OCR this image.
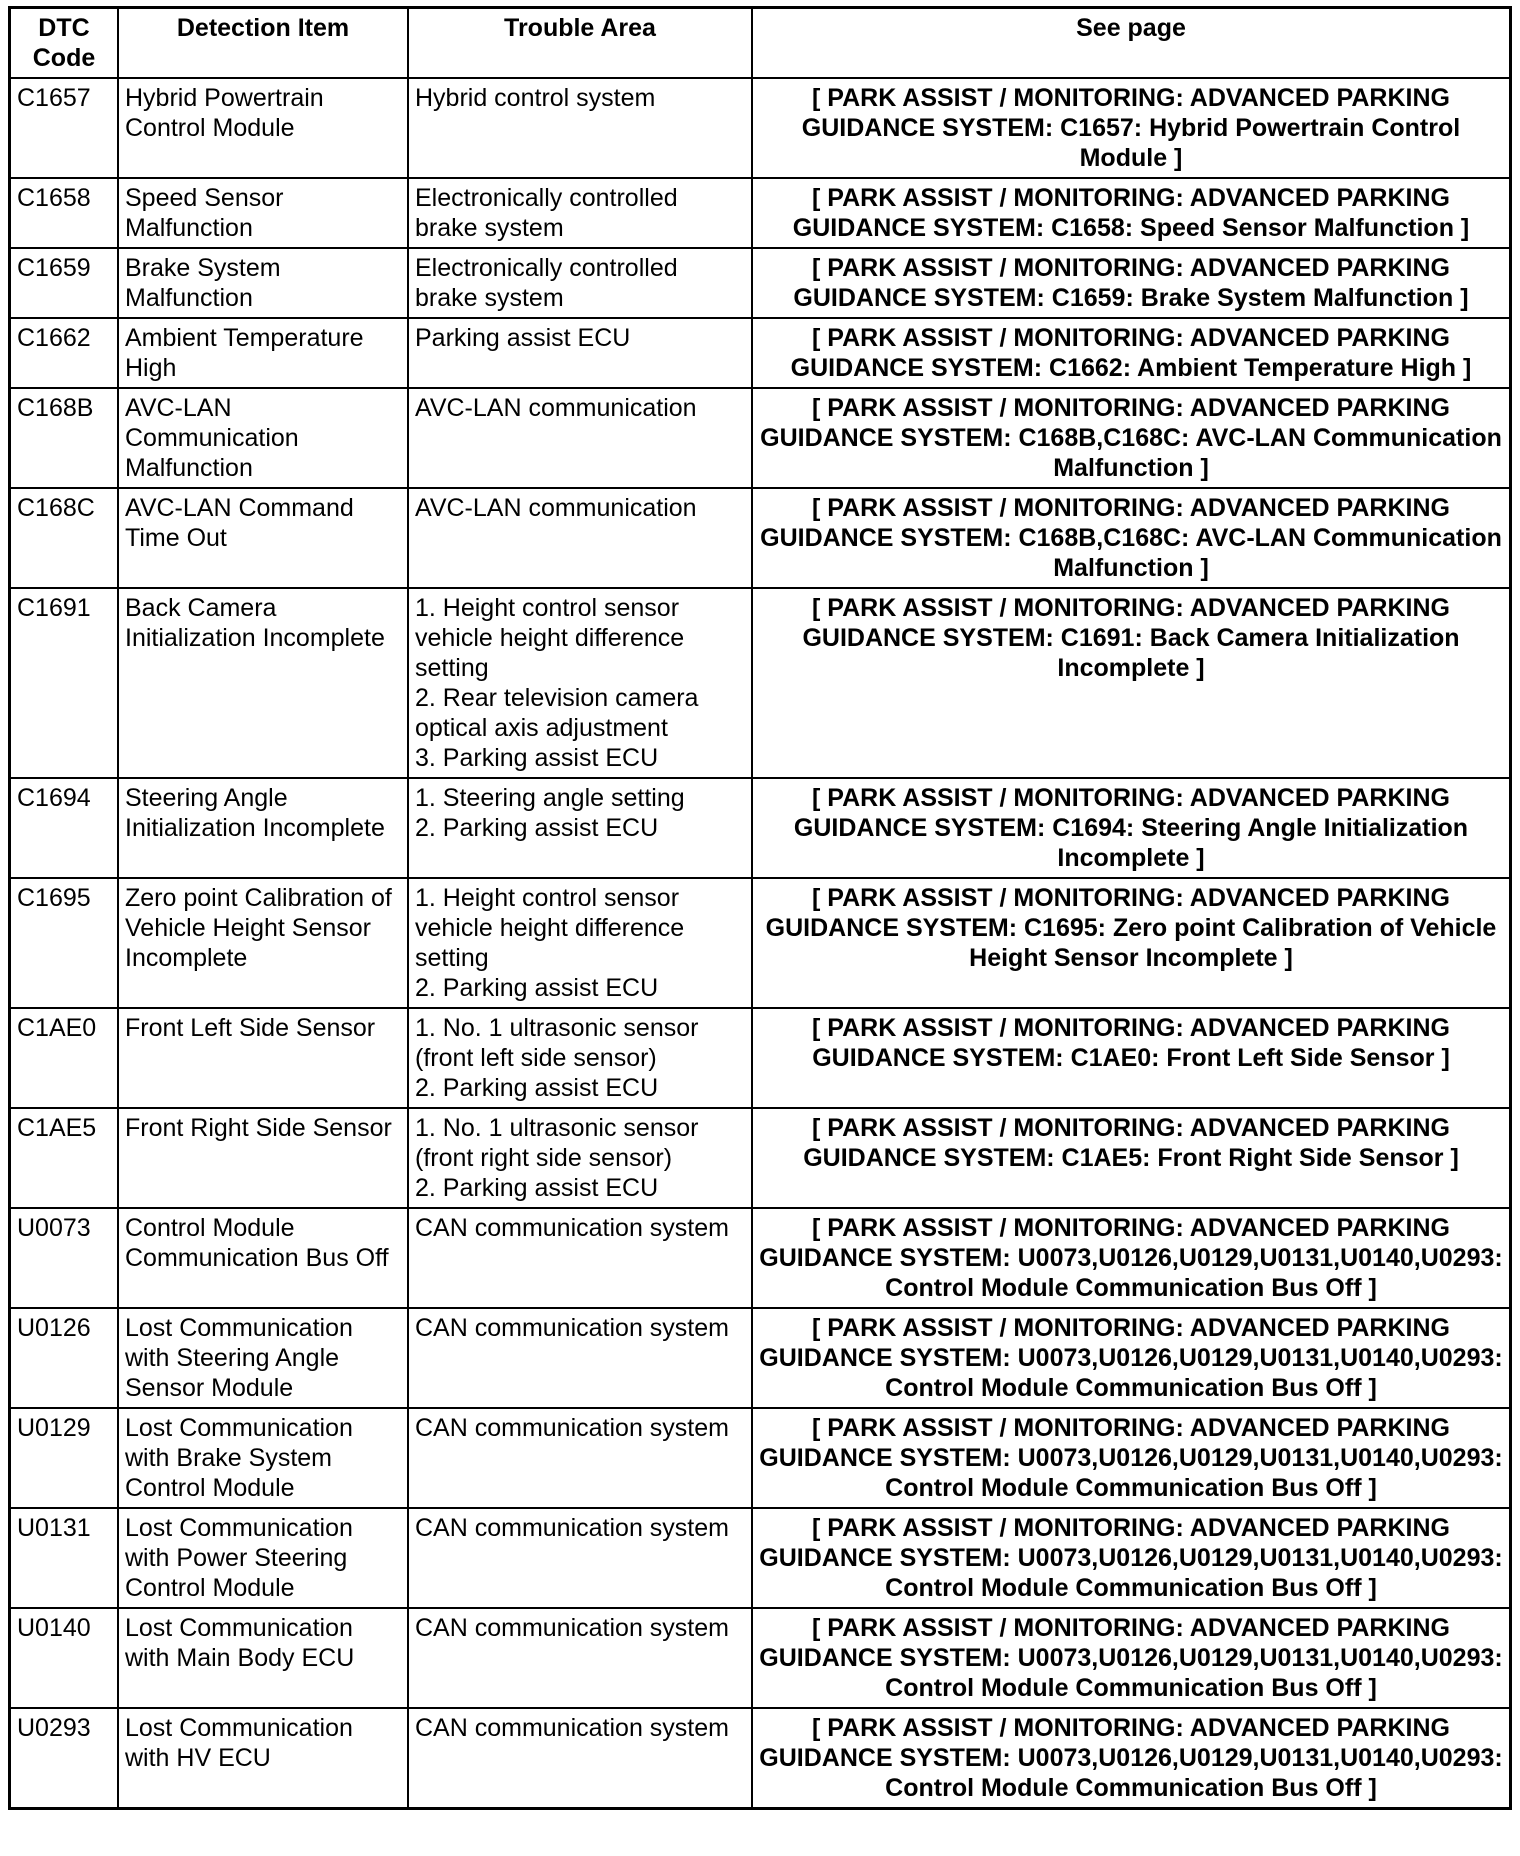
DTC
Code	Detection Item	Trouble Area	See page
C1657	Hybrid Powertrain Control Module	Hybrid control system	[ PARK ASSIST / MONITORING: ADVANCED PARKING GUIDANCE SYSTEM: C1657: Hybrid Powertrain Control Module ]
C1658	Speed Sensor Malfunction	Electronically controlled brake system	[ PARK ASSIST / MONITORING: ADVANCED PARKING GUIDANCE SYSTEM: C1658: Speed Sensor Malfunction ]
C1659	Brake System Malfunction	Electronically controlled brake system	[ PARK ASSIST / MONITORING: ADVANCED PARKING GUIDANCE SYSTEM: C1659: Brake System Malfunction ]
C1662	Ambient Temperature High	Parking assist ECU	[ PARK ASSIST / MONITORING: ADVANCED PARKING GUIDANCE SYSTEM: C1662: Ambient Temperature High ]
C168B	AVC-LAN Communication Malfunction	AVC-LAN communication	[ PARK ASSIST / MONITORING: ADVANCED PARKING GUIDANCE SYSTEM: C168B,C168C: AVC-LAN Communication Malfunction ]
C168C	AVC-LAN Command Time Out	AVC-LAN communication	[ PARK ASSIST / MONITORING: ADVANCED PARKING GUIDANCE SYSTEM: C168B,C168C: AVC-LAN Communication Malfunction ]
C1691	Back Camera Initialization Incomplete	1. Height control sensor vehicle height difference setting
2. Rear television camera optical axis adjustment
3. Parking assist ECU	[ PARK ASSIST / MONITORING: ADVANCED PARKING GUIDANCE SYSTEM: C1691: Back Camera Initialization Incomplete ]
C1694	Steering Angle Initialization Incomplete	1. Steering angle setting
2. Parking assist ECU	[ PARK ASSIST / MONITORING: ADVANCED PARKING GUIDANCE SYSTEM: C1694: Steering Angle Initialization Incomplete ]
C1695	Zero point Calibration of Vehicle Height Sensor Incomplete	1. Height control sensor vehicle height difference setting
2. Parking assist ECU	[ PARK ASSIST / MONITORING: ADVANCED PARKING GUIDANCE SYSTEM: C1695: Zero point Calibration of Vehicle Height Sensor Incomplete ]
C1AE0	Front Left Side Sensor	1. No. 1 ultrasonic sensor (front left side sensor)
2. Parking assist ECU	[ PARK ASSIST / MONITORING: ADVANCED PARKING GUIDANCE SYSTEM: C1AE0: Front Left Side Sensor ]
C1AE5	Front Right Side Sensor	1. No. 1 ultrasonic sensor (front right side sensor)
2. Parking assist ECU	[ PARK ASSIST / MONITORING: ADVANCED PARKING GUIDANCE SYSTEM: C1AE5: Front Right Side Sensor ]
U0073	Control Module Communication Bus Off	CAN communication system	[ PARK ASSIST / MONITORING: ADVANCED PARKING GUIDANCE SYSTEM: U0073,U0126,U0129,U0131,U0140,U0293: Control Module Communication Bus Off ]
U0126	Lost Communication with Steering Angle Sensor Module	CAN communication system	[ PARK ASSIST / MONITORING: ADVANCED PARKING GUIDANCE SYSTEM: U0073,U0126,U0129,U0131,U0140,U0293: Control Module Communication Bus Off ]
U0129	Lost Communication with Brake System Control Module	CAN communication system	[ PARK ASSIST / MONITORING: ADVANCED PARKING GUIDANCE SYSTEM: U0073,U0126,U0129,U0131,U0140,U0293: Control Module Communication Bus Off ]
U0131	Lost Communication with Power Steering Control Module	CAN communication system	[ PARK ASSIST / MONITORING: ADVANCED PARKING GUIDANCE SYSTEM: U0073,U0126,U0129,U0131,U0140,U0293: Control Module Communication Bus Off ]
U0140	Lost Communication with Main Body ECU	CAN communication system	[ PARK ASSIST / MONITORING: ADVANCED PARKING GUIDANCE SYSTEM: U0073,U0126,U0129,U0131,U0140,U0293: Control Module Communication Bus Off ]
U0293	Lost Communication with HV ECU	CAN communication system	[ PARK ASSIST / MONITORING: ADVANCED PARKING GUIDANCE SYSTEM: U0073,U0126,U0129,U0131,U0140,U0293: Control Module Communication Bus Off ]
